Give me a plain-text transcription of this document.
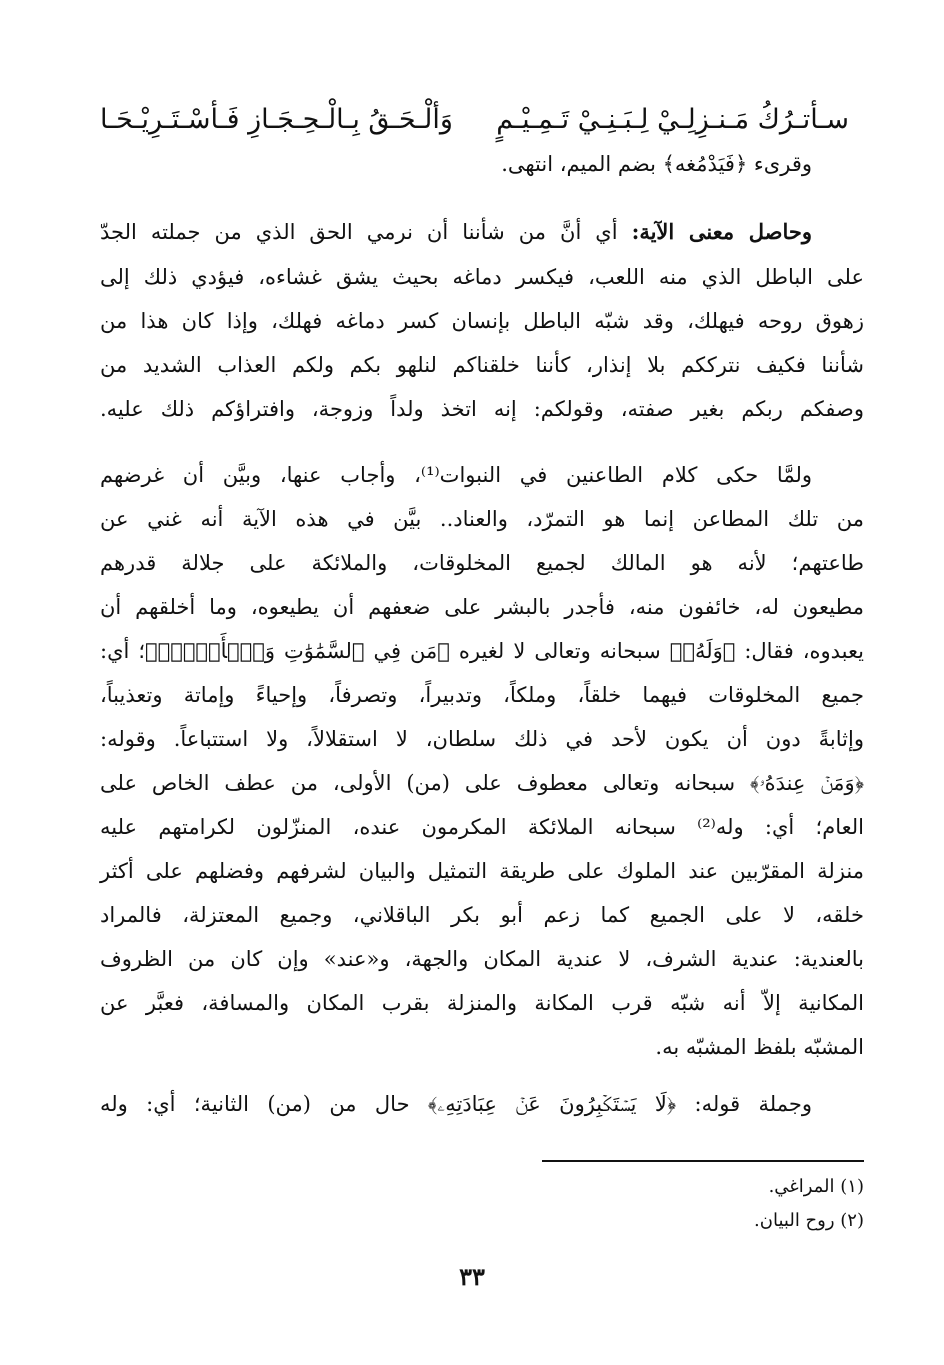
سـأتـرُكُ مَـنـزِلِـيْ لِـبَـنِـيْ تَـمِـيْـمٍ
وَألْـحَـقُ بِـالْـحِـجَـازِ فَـأسْـتَـرِيْـحَـا
وقرىء ﴿فَيَدْمُغه﴾ بضم الميم، انتهى.
وحاصل معنى الآية: أي أنَّ من شأننا أن نرمي الحق الذي من جملته الجدّ
على الباطل الذي منه اللعب، فيكسر دماغه بحيث يشق غشاءه، فيؤدي ذلك إلى
زهوق روحه فيهلك، وقد شبّه الباطل بإنسان كسر دماغه فهلك، وإذا كان هذا من
شأننا فكيف نترككم بلا إنذار، كأننا خلقناكم لنلهو بكم ولكم العذاب الشديد من
وصفكم ربكم بغير صفته، وقولكم: إنه اتخذ ولداً وزوجة، وافتراؤكم ذلك عليه.
ولمَّا حكى كلام الطاعنين في النبوات⁽¹⁾، وأجاب عنها، وبيَّن أن غرضهم
من تلك المطاعن إنما هو التمرّد، والعناد.. بيَّن في هذه الآية أنه غني عن
طاعتهم؛ لأنه هو المالك لجميع المخلوقات، والملائكة على جلالة قدرهم
مطيعون له، خائفون منه، فأجدر بالبشر على ضعفهم أن يطيعوه، وما أخلقهم أن
يعبدوه، فقال: ﴿وَلَهُۥ﴾ سبحانه وتعالى لا لغيره ﴿مَن فِي ٱلسَّمَٰوَٰتِ وَٱلۡأَرۡضِۚ﴾؛ أي:
جميع المخلوقات فيهما خلقاً، وملكاً، وتدبيراً، وتصرفاً، وإحياءً وإماتة وتعذيباً،
وإثابةً دون أن يكون لأحد في ذلك سلطان، لا استقلالاً، ولا استتباعاً. وقوله:
﴿وَمَنۡ عِندَهُۥ﴾ سبحانه وتعالى معطوف على (من) الأولى، من عطف الخاص على
العام؛ أي: وله⁽²⁾ سبحانه الملائكة المكرمون عنده، المنزّلون لكرامتهم عليه
منزلة المقرّبين عند الملوك على طريقة التمثيل والبيان لشرفهم وفضلهم على أكثر
خلقه، لا على الجميع كما زعم أبو بكر الباقلاني، وجميع المعتزلة، فالمراد
بالعندية: عندية الشرف، لا عندية المكان والجهة، و«عند» وإن كان من الظروف
المكانية إلاّ أنه شبّه قرب المكانة والمنزلة بقرب المكان والمسافة، فعبَّر عن
المشبّه بلفظ المشبّه به.
وجملة قوله: ﴿لَا يَسۡتَكۡبِرُونَ عَنۡ عِبَادَتِهِۦ﴾ حال من (من) الثانية؛ أي: وله
(١) المراغي.
(٢) روح البيان.
٣٣
